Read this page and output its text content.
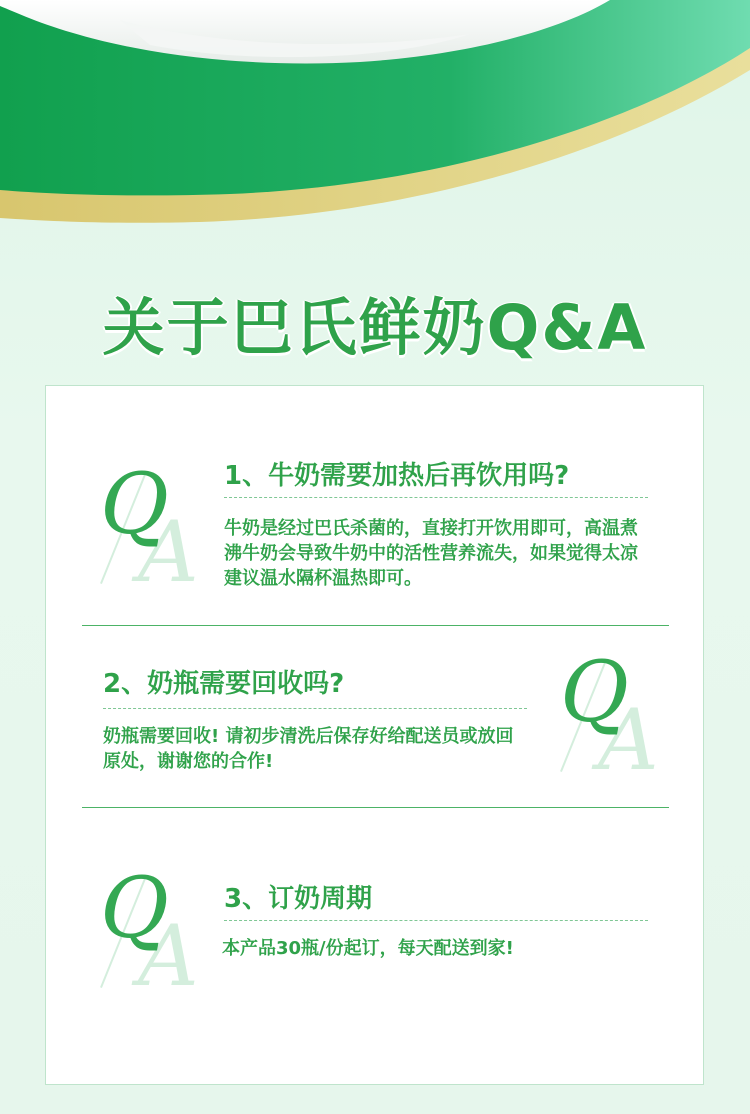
关于巴氏鲜奶Q&A
A
Q 1、牛奶需要加热后再饮用吗?
牛奶是经过巴氏杀菌的，直接打开饮用即可，高温煮沸牛奶会导致牛奶中的活性营养流失，如果觉得太凉建议温水隔杯温热即可。
2、奶瓶需要回收吗?
奶瓶需要回收! 请初步清洗后保存好给配送员或放回原处，谢谢您的合作!	A
Q
A
Q 3、订奶周期
本产品30瓶/份起订，每天配送到家!
